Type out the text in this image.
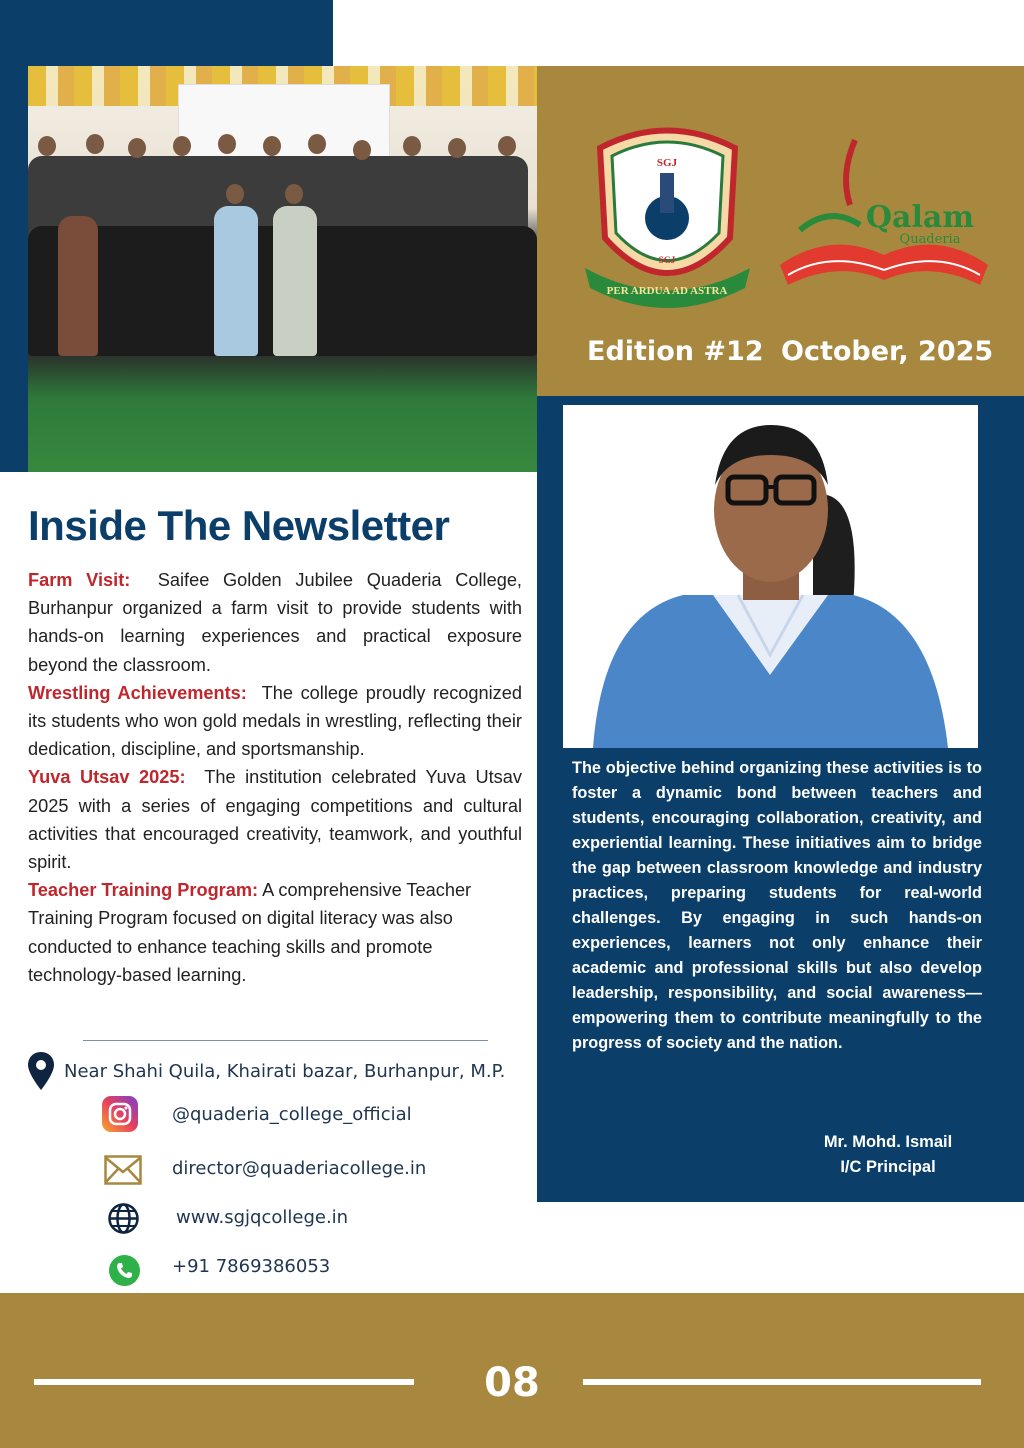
SGJ
SGJ
PER ARDUA AD ASTRA
Qalam
Quaderia
Edition #12 October, 2025
The objective behind organizing these activities is to foster a dynamic bond between teachers and students, encouraging collaboration, creativity, and experiential learning. These initiatives aim to bridge the gap between classroom knowledge and industry practices, preparing students for real-world challenges. By engaging in such hands-on experiences, learners not only enhance their academic and professional skills but also develop leadership, responsibility, and social awareness—empowering them to contribute meaningfully to the progress of society and the nation.
Mr. Mohd. Ismail
I/C Principal
Inside The Newsletter

Farm Visit: Saifee Golden Jubilee Quaderia College, Burhanpur organized a farm visit to provide students with hands-on learning experiences and practical exposure beyond the classroom.

Wrestling Achievements: The college proudly recognized its students who won gold medals in wrestling, reflecting their dedication, discipline, and sportsmanship.

Yuva Utsav 2025: The institution celebrated Yuva Utsav 2025 with a series of engaging competitions and cultural activities that encouraged creativity, teamwork, and youthful spirit.

Teacher Training Program: A comprehensive Teacher Training Program focused on digital literacy was also conducted to enhance teaching skills and promote technology-based learning.

Near Shahi Quila, Khairati bazar, Burhanpur, M.P.
@quaderia_college_official
director@quaderiacollege.in
www.sgjqcollege.in
+91 7869386053
08
